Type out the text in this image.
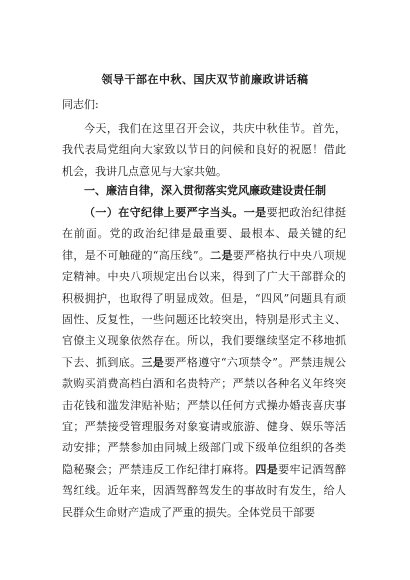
领导干部在中秋、国庆双节前廉政讲话稿
同志们:
今天，我们在这里召开会议，共庆中秋佳节。首先，我代表局党组向大家致以节日的问候和良好的祝愿！借此机会，我讲几点意见与大家共勉。
一、廉洁自律，深入贯彻落实党风廉政建设责任制
（一）在守纪律上要严字当头。一是要把政治纪律挺在前面。党的政治纪律是最重要、最根本、最关键的纪律，是不可触碰的“高压线”。二是要严格执行中央八项规定精神。中央八项规定出台以来，得到了广大干部群众的积极拥护，也取得了明显成效。但是，“四风”问题具有顽固性、反复性，一些问题还比较突出，特别是形式主义、官僚主义现象依然存在。所以，我们要继续坚定不移地抓下去、抓到底。三是要严格遵守“六项禁令”。严禁违规公款购买消费高档白酒和名贵特产；严禁以各种名义年终突击花钱和滥发津贴补贴；严禁以任何方式操办婚丧喜庆事宜；严禁接受管理服务对象宴请或旅游、健身、娱乐等活动安排；严禁参加由同城上级部门或下级单位组织的各类隐秘聚会；严禁违反工作纪律打麻将。四是要牢记酒驾醉驾红线。近年来，因酒驾醉驾发生的事故时有发生，给人民群众生命财产造成了严重的损失。全体党员干部要
